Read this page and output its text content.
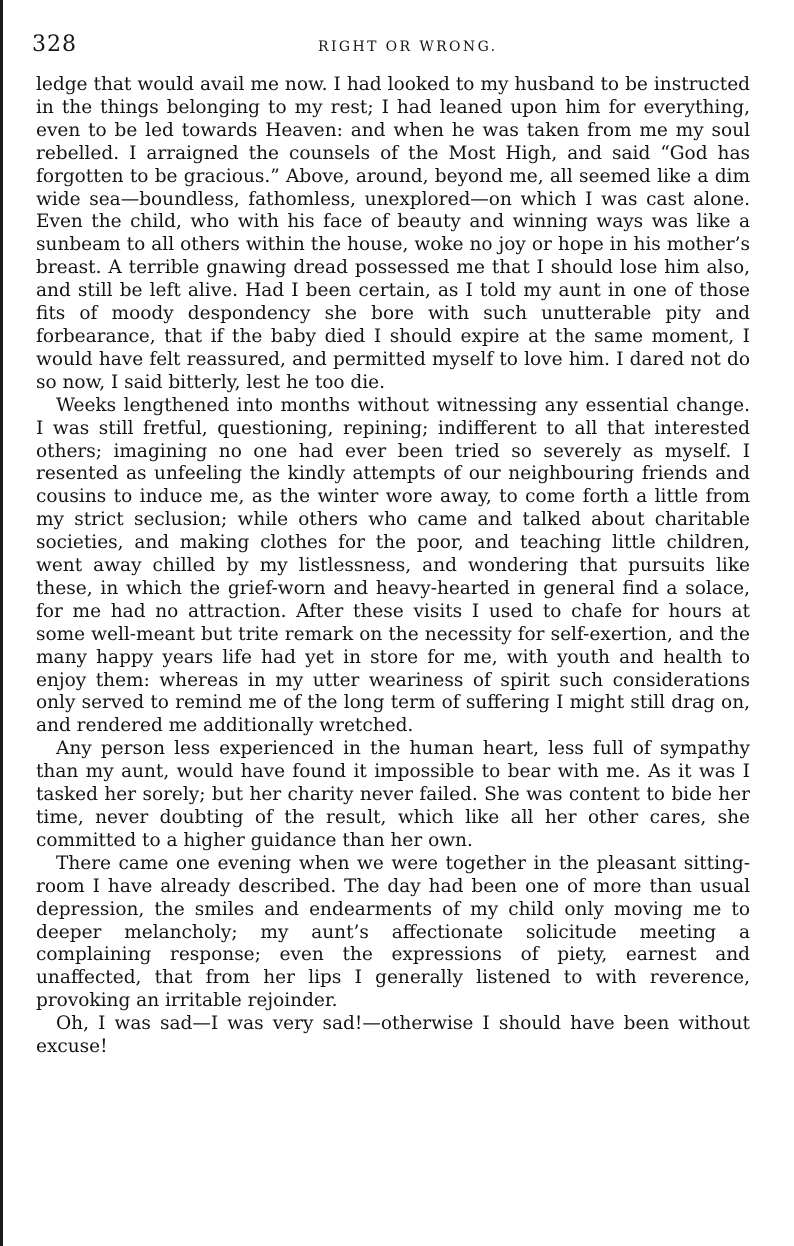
328	RIGHT OR WRONG.

ledge that would avail me now. I had looked to my husband to be instructed in the things belonging to my rest; I had leaned upon him for everything, even to be led towards Heaven: and when he was taken from me my soul rebelled. I arraigned the counsels of the Most High, and said “God has forgotten to be gracious.” Above, around, beyond me, all seemed like a dim wide sea—boundless, fathomless, unexplored—on which I was cast alone. Even the child, who with his face of beauty and winning ways was like a sunbeam to all others within the house, woke no joy or hope in his mother’s breast. A terrible gnawing dread possessed me that I should lose him also, and still be left alive. Had I been certain, as I told my aunt in one of those fits of moody despondency she bore with such unutterable pity and forbearance, that if the baby died I should expire at the same moment, I would have felt reassured, and permitted myself to love him. I dared not do so now, I said bitterly, lest he too die.

Weeks lengthened into months without witnessing any essential change. I was still fretful, questioning, repining; indifferent to all that interested others; imagining no one had ever been tried so severely as myself. I resented as unfeeling the kindly attempts of our neighbouring friends and cousins to induce me, as the winter wore away, to come forth a little from my strict seclusion; while others who came and talked about charitable societies, and making clothes for the poor, and teaching little children, went away chilled by my listlessness, and wondering that pursuits like these, in which the grief-worn and heavy-hearted in general find a solace, for me had no attraction. After these visits I used to chafe for hours at some well-meant but trite remark on the necessity for self-exertion, and the many happy years life had yet in store for me, with youth and health to enjoy them: whereas in my utter weariness of spirit such considerations only served to remind me of the long term of suffering I might still drag on, and rendered me additionally wretched.

Any person less experienced in the human heart, less full of sympathy than my aunt, would have found it impossible to bear with me. As it was I tasked her sorely; but her charity never failed. She was content to bide her time, never doubting of the result, which like all her other cares, she committed to a higher guidance than her own.

There came one evening when we were together in the pleasant sitting-room I have already described. The day had been one of more than usual depression, the smiles and endearments of my child only moving me to deeper melancholy; my aunt’s affectionate solicitude meeting a complaining response; even the expressions of piety, earnest and unaffected, that from her lips I generally listened to with reverence, provoking an irritable rejoinder.

Oh, I was sad—I was very sad!—otherwise I should have been without excuse!
